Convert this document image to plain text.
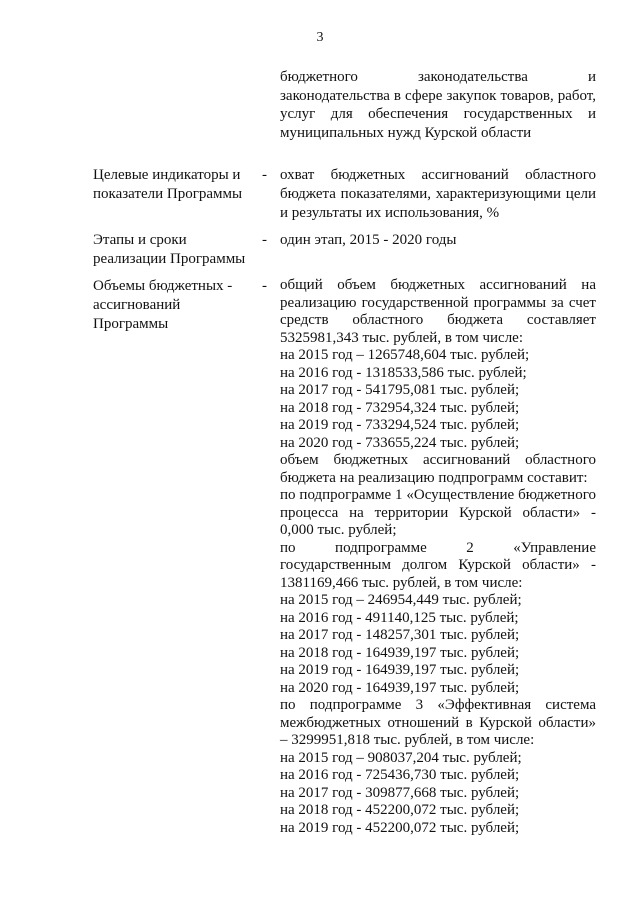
3
бюджетного законодательства и
законодательства в сфере закупок товаров, работ,
услуг для обеспечения государственных и
муниципальных нужд Курской области
Целевые индикаторы и показатели Программы
- охват бюджетных ассигнований областного
бюджета показателями, характеризующими цели
и результаты их использования, %
Этапы и сроки реализации Программы
- один этап, 2015 - 2020 годы
Объемы бюджетных - ассигнований Программы
- общий объем бюджетных ассигнований на
реализацию государственной программы за счет
средств областного бюджета составляет
5325981,343 тыс. рублей, в том числе:
на 2015 год – 1265748,604 тыс. рублей;
на 2016 год - 1318533,586 тыс. рублей;
на 2017 год - 541795,081 тыс. рублей;
на 2018 год - 732954,324 тыс. рублей;
на 2019 год - 733294,524 тыс. рублей;
на 2020 год - 733655,224 тыс. рублей;
объем бюджетных ассигнований областного
бюджета на реализацию подпрограмм составит:
по подпрограмме 1 «Осуществление бюджетного
процесса на территории Курской области» -
0,000 тыс. рублей;
по подпрограмме 2 «Управление
государственным долгом Курской области» -
1381169,466 тыс. рублей, в том числе:
на 2015 год – 246954,449 тыс. рублей;
на 2016 год - 491140,125 тыс. рублей;
на 2017 год - 148257,301 тыс. рублей;
на 2018 год - 164939,197 тыс. рублей;
на 2019 год - 164939,197 тыс. рублей;
на 2020 год - 164939,197 тыс. рублей;
по подпрограмме 3 «Эффективная система
межбюджетных отношений в Курской области»
– 3299951,818 тыс. рублей, в том числе:
на 2015 год – 908037,204 тыс. рублей;
на 2016 год - 725436,730 тыс. рублей;
на 2017 год - 309877,668 тыс. рублей;
на 2018 год - 452200,072 тыс. рублей;
на 2019 год - 452200,072 тыс. рублей;
